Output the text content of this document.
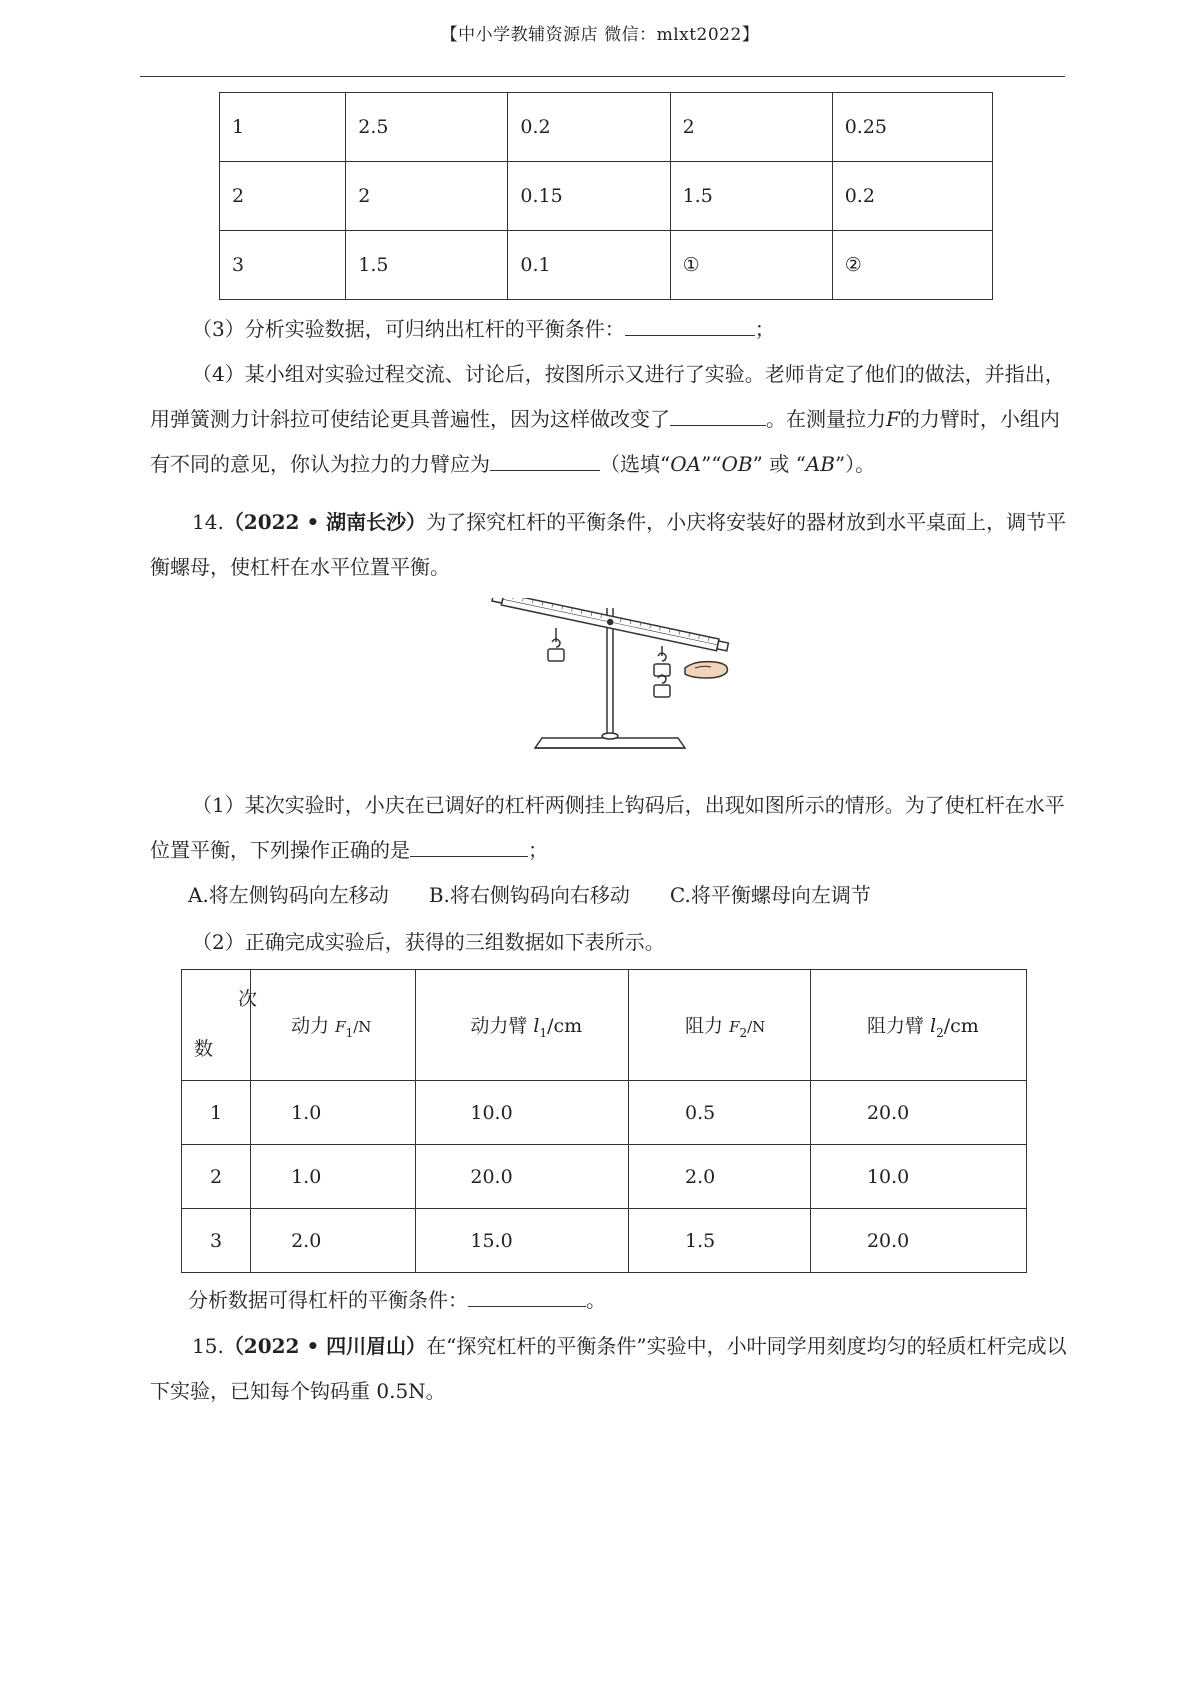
【中小学教辅资源店 微信：mlxt2022】
1	2.5	0.2	2	0.25
2	2	0.15	1.5	0.2
3	1.5	0.1	①	②
（3）分析实验数据，可归纳出杠杆的平衡条件：	；
（4）某小组对实验过程交流、讨论后，按图所示又进行了实验。老师肯定了他们的做法，并指出，用弹簧测力计斜拉可使结论更具普遍性，因为这样做改变了	。在测量拉力F的力臂时，小组内有不同的意见，你认为拉力的力臂应为	（选填“OA”“OB” 或 “AB”）。
14.（2022 • 湖南长沙）为了探究杠杆的平衡条件，小庆将安装好的器材放到水平桌面上，调节平衡螺母，使杠杆在水平位置平衡。
（1）某次实验时，小庆在已调好的杠杆两侧挂上钩码后，出现如图所示的情形。为了使杠杆在水平位置平衡，下列操作正确的是	；
A.将左侧钩码向左移动 B.将右侧钩码向右移动 C.将平衡螺母向左调节
（2）正确完成实验后，获得的三组数据如下表所示。
次
数	动力 $F_1/N$	动力臂 $l_1/cm$	阻力 $F_2/N$	阻力臂 $l_2/cm$
1	1.0	10.0	0.5	20.0
2	1.0	20.0	2.0	10.0
3	2.0	15.0	1.5	20.0
分析数据可得杠杆的平衡条件：	。
15.（2022 • 四川眉山）在“探究杠杆的平衡条件”实验中，小叶同学用刻度均匀的轻质杠杆完成以下实验，已知每个钩码重 0.5N。
